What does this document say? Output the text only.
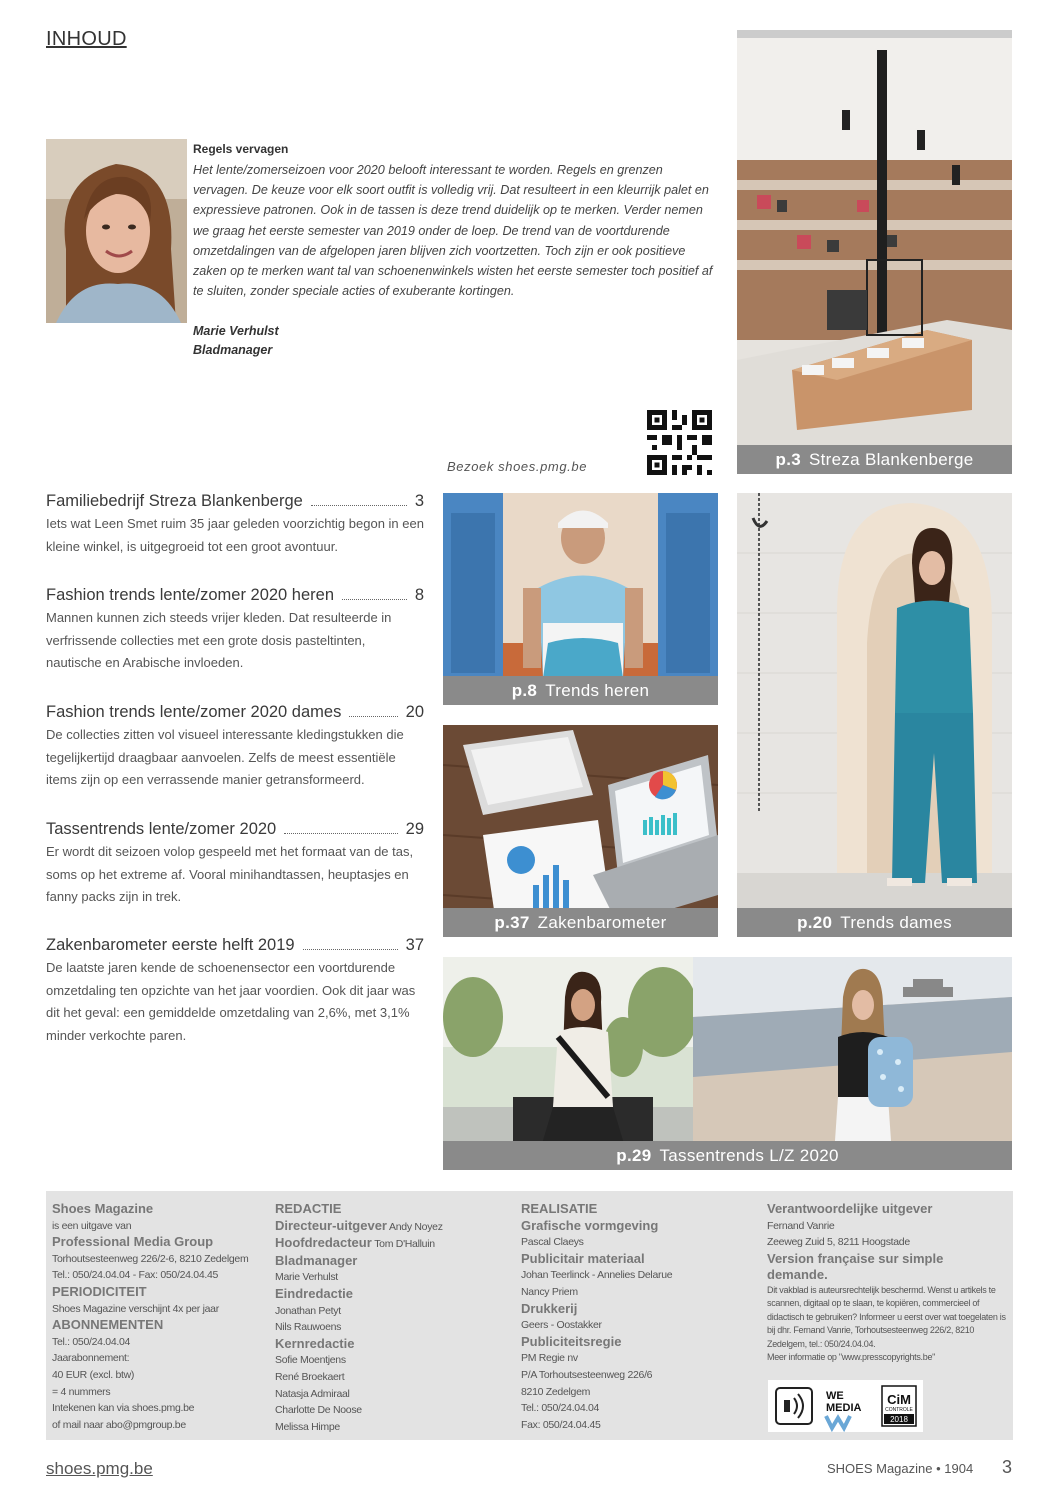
INHOUD
Regels vervagen
Het lente/zomerseizoen voor 2020 belooft interessant te worden. Regels en grenzen vervagen. De keuze voor elk soort outfit is volledig vrij. Dat resulteert in een kleurrijk palet en expressieve patronen. Ook in de tassen is deze trend duidelijk op te merken. Verder nemen we graag het eerste semester van 2019 onder de loep. De trend van de voortdurende omzetdalingen van de afgelopen jaren blijven zich voortzetten. Toch zijn er ook positieve zaken op te merken want tal van schoenenwinkels wisten het eerste semester toch positief af te sluiten, zonder speciale acties of exuberante kortingen.
Marie Verhulst
Bladmanager
Bezoek shoes.pmg.be	p.3 Streza Blankenberge
p.8 Trends heren
p.20 Trends dames
p.37 Zakenbarometer
p.29 Tassentrends L/Z 2020
Familiebedrijf Streza Blankenberge	3
Iets wat Leen Smet ruim 35 jaar geleden voorzichtig begon in een kleine winkel, is uitgegroeid tot een groot avontuur.
Fashion trends lente/zomer 2020 heren	8
Mannen kunnen zich steeds vrijer kleden. Dat resulteerde in verfrissende collecties met een grote dosis pasteltinten, nautische en Arabische invloeden.
Fashion trends lente/zomer 2020 dames	20
De collecties zitten vol visueel interessante kledingstukken die tegelijkertijd draagbaar aanvoelen. Zelfs de meest essentiële items zijn op een verrassende manier getransformeerd.
Tassentrends lente/zomer 2020	29
Er wordt dit seizoen volop gespeeld met het formaat van de tas, soms op het extreme af. Vooral minihandtassen, heuptasjes en fanny packs zijn in trek.
Zakenbarometer eerste helft 2019	37
De laatste jaren kende de schoenensector een voortdurende omzetdaling ten opzichte van het jaar voordien. Ook dit jaar was dit het geval: een gemiddelde omzetdaling van 2,6%, met 3,1% minder verkochte paren.
Shoes Magazine
is een uitgave van
Professional Media Group
Torhoutsesteenweg 226/2-6, 8210 Zedelgem
Tel.: 050/24.04.04 - Fax: 050/24.04.45
PERIODICITEIT
Shoes Magazine verschijnt 4x per jaar
ABONNEMENTEN
Tel.: 050/24.04.04
Jaarabonnement:
40 EUR (excl. btw)
= 4 nummers
Intekenen kan via shoes.pmg.be
of mail naar abo@pmgroup.be
REDACTIE
Directeur-uitgever Andy Noyez
Hoofdredacteur Tom D'Halluin
Bladmanager
Marie Verhulst
Eindredactie
Jonathan Petyt
Nils Rauwoens
Kernredactie
Sofie Moentjens
René Broekaert
Natasja Admiraal
Charlotte De Noose
Melissa Himpe
REALISATIE
Grafische vormgeving
Pascal Claeys
Publicitair materiaal
Johan Teerlinck - Annelies Delarue
Nancy Priem
Drukkerij
Geers - Oostakker
Publiciteitsregie
PM Regie nv
P/A Torhoutsesteenweg 226/6
8210 Zedelgem
Tel.: 050/24.04.04
Fax: 050/24.04.45
Verantwoordelijke uitgever
Fernand Vanrie
Zeeweg Zuid 5, 8211 Hoogstade
Version française sur simple demande.
Dit vakblad is auteursrechtelijk beschermd. Wenst u artikels te scannen, digitaal op te slaan, te kopiëren, commercieel of didactisch te gebruiken? Informeer u eerst over wat toegelaten is bij dhr. Fernand Vanrie, Torhoutsesteenweg 226/2, 8210 Zedelgem, tel.: 050/24.04.04.
Meer informatie op "www.presscopyrights.be"
WE
MEDIA
CiM
CONTROLE
2018
shoes.pmg.be	SHOES Magazine • 1904 3
